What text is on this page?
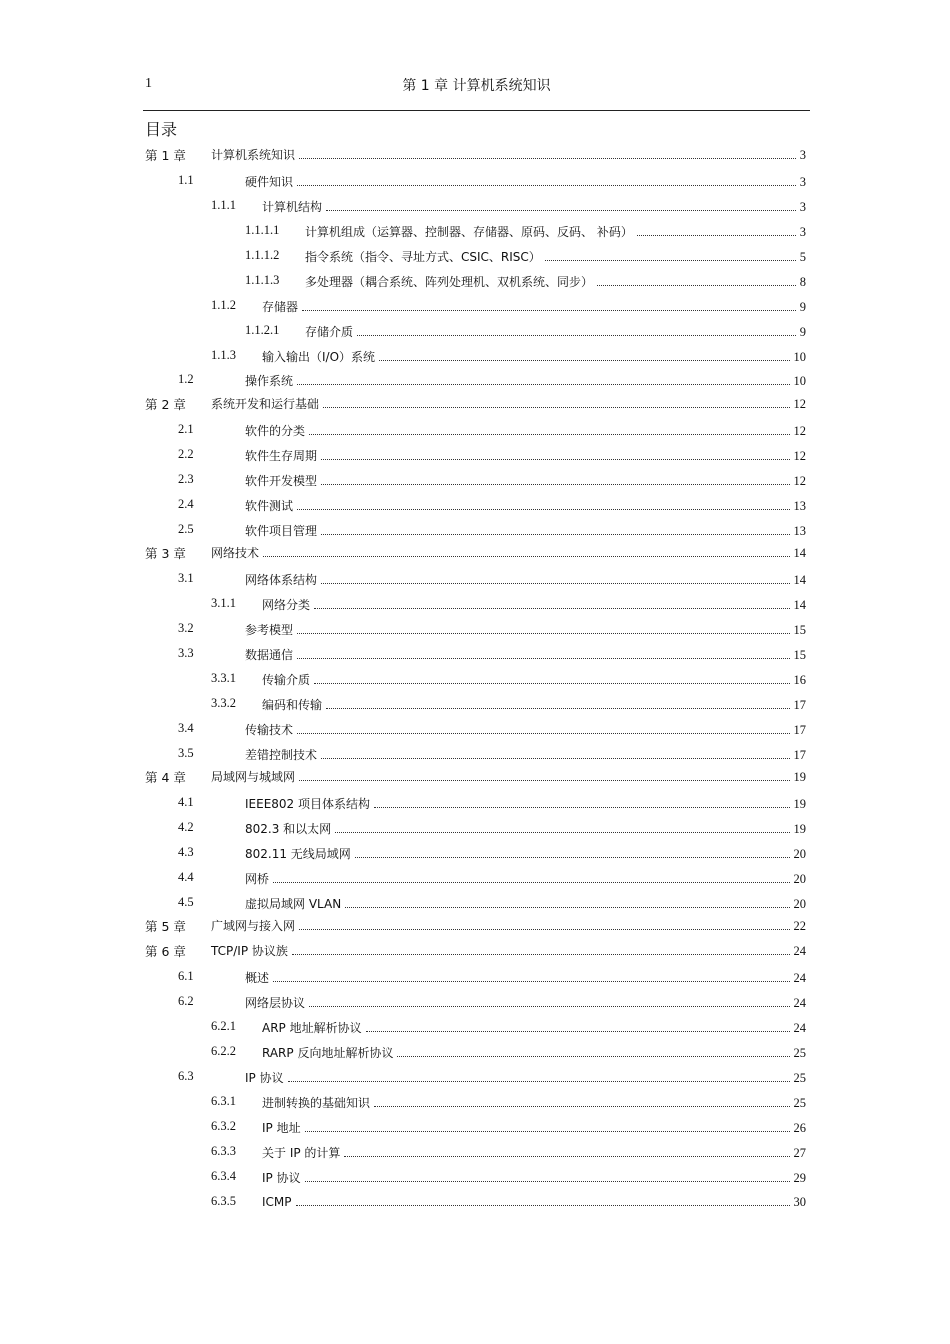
1	第 1 章 计算机系统知识
目录
第 1 章 计算机系统知识	3
1.1	硬件知识	3
1.1.1 计算机结构	3
1.1.1.1 计算机组成（运算器、控制器、存储器、原码、反码、 补码）	3
1.1.1.2 指令系统（指令、寻址方式、CSIC、RISC）	5
1.1.1.3 多处理器（耦合系统、阵列处理机、双机系统、同步）	8
1.1.2 存储器	9
1.1.2.1 存储介质	9
1.1.3 输入输出（I/O）系统	10
1.2	操作系统	10
第 2 章 系统开发和运行基础	12
2.1	软件的分类	12
2.2	软件生存周期	12
2.3	软件开发模型	12
2.4	软件测试	13
2.5	软件项目管理	13
第 3 章 网络技术	14
3.1	网络体系结构	14
3.1.1 网络分类	14
3.2	参考模型	15
3.3	数据通信	15
3.3.1 传输介质	16
3.3.2 编码和传输	17
3.4	传输技术	17
3.5	差错控制技术	17
第 4 章 局域网与城域网	19
4.1	IEEE802 项目体系结构	19
4.2	802.3 和以太网	19
4.3	802.11 无线局域网	20
4.4	网桥	20
4.5	虚拟局域网 VLAN	20
第 5 章 广域网与接入网	22
第 6 章 TCP/IP 协议族	24
6.1	概述	24
6.2	网络层协议	24
6.2.1 ARP 地址解析协议	24
6.2.2 RARP 反向地址解析协议	25
6.3	IP 协议	25
6.3.1 进制转换的基础知识	25
6.3.2 IP 地址	26
6.3.3 关于 IP 的计算	27
6.3.4 IP 协议	29
6.3.5 ICMP	30
